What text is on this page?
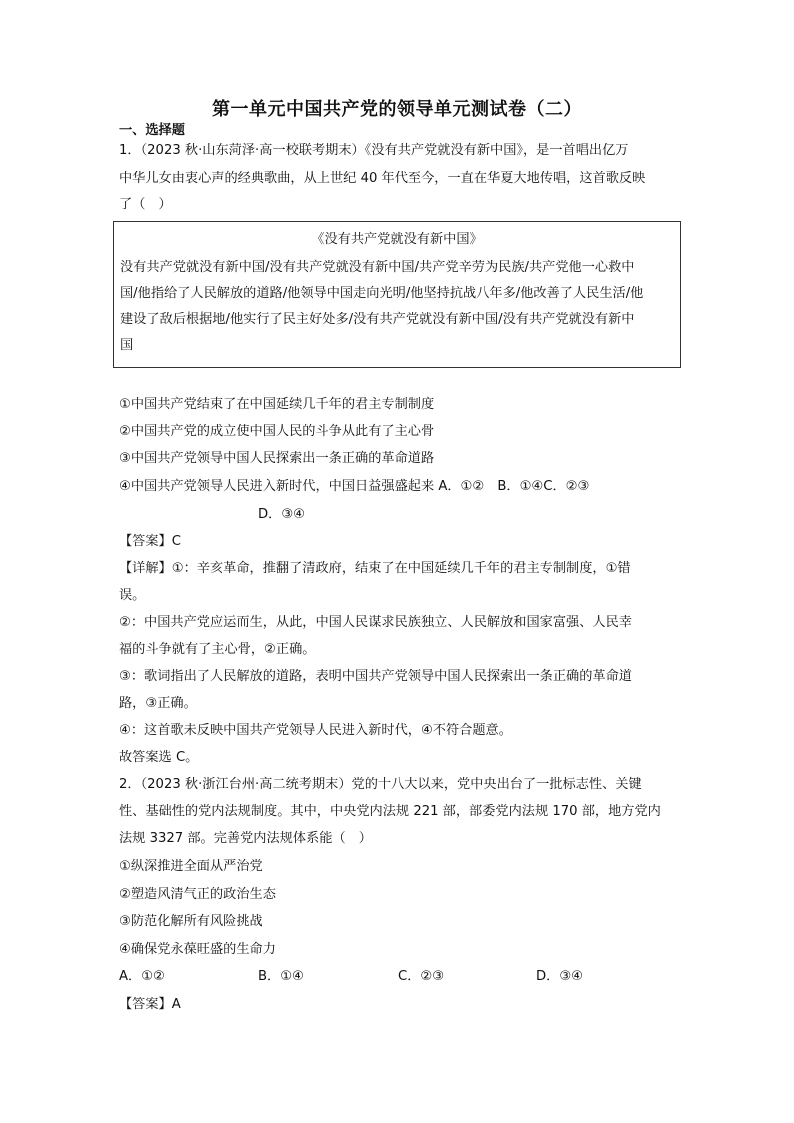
第一单元中国共产党的领导单元测试卷（二）
一、选择题
1．（2023 秋·山东菏泽·高一校联考期末）《没有共产党就没有新中国》，是一首唱出亿万
中华儿女由衷心声的经典歌曲，从上世纪 40 年代至今，一直在华夏大地传唱，这首歌反映
了（　）
《没有共产党就没有新中国》
没有共产党就没有新中国/没有共产党就没有新中国/共产党辛劳为民族/共产党他一心救中
国/他指给了人民解放的道路/他领导中国走向光明/他坚持抗战八年多/他改善了人民生活/他
建设了敌后根据地/他实行了民主好处多/没有共产党就没有新中国/没有共产党就没有新中
国
①中国共产党结束了在中国延续几千年的君主专制制度
②中国共产党的成立使中国人民的斗争从此有了主心骨
③中国共产党领导中国人民探索出一条正确的革命道路
④中国共产党领导人民进入新时代，中国日益强盛起来 A．①②　B．①④C．②③
D．③④
【答案】C
【详解】①：辛亥革命，推翻了清政府，结束了在中国延续几千年的君主专制制度，①错
误。
②：中国共产党应运而生，从此，中国人民谋求民族独立、人民解放和国家富强、人民幸
福的斗争就有了主心骨，②正确。
③：歌词指出了人民解放的道路，表明中国共产党领导中国人民探索出一条正确的革命道
路，③正确。
④：这首歌未反映中国共产党领导人民进入新时代，④不符合题意。
故答案选 C。
2．（2023 秋·浙江台州·高二统考期末）党的十八大以来，党中央出台了一批标志性、关键
性、基础性的党内法规制度。其中，中央党内法规 221 部，部委党内法规 170 部，地方党内
法规 3327 部。完善党内法规体系能（　）
①纵深推进全面从严治党
②塑造风清气正的政治生态
③防范化解所有风险挑战
④确保党永葆旺盛的生命力
A．①②	B．①④	C．②③	D．③④
【答案】A
